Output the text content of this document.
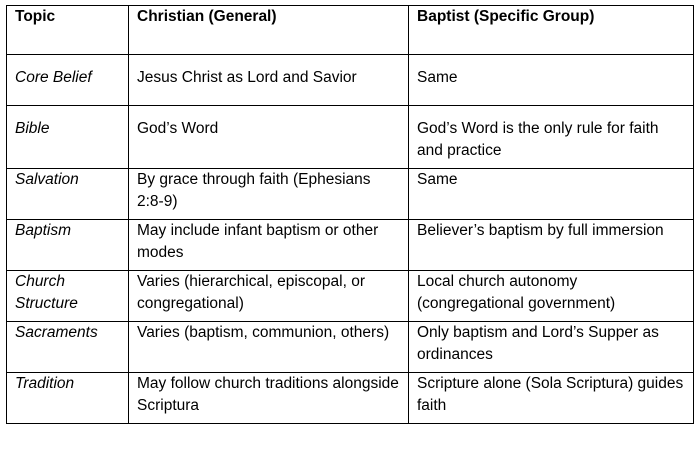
Topic	Christian (General)	Baptist (Specific Group)
Core Belief	Jesus Christ as Lord and Savior	Same
Bible	God’s Word	God’s Word is the only rule for faith and practice
Salvation	By grace through faith (Ephesians 2:8-9)	Same
Baptism	May include infant baptism or other modes	Believer’s baptism by full immersion
Church Structure	Varies (hierarchical, episcopal, or congregational)	Local church autonomy (congregational government)
Sacraments	Varies (baptism, communion, others)	Only baptism and Lord’s Supper as ordinances
Tradition	May follow church traditions alongside Scriptura	Scripture alone (Sola Scriptura) guides faith
